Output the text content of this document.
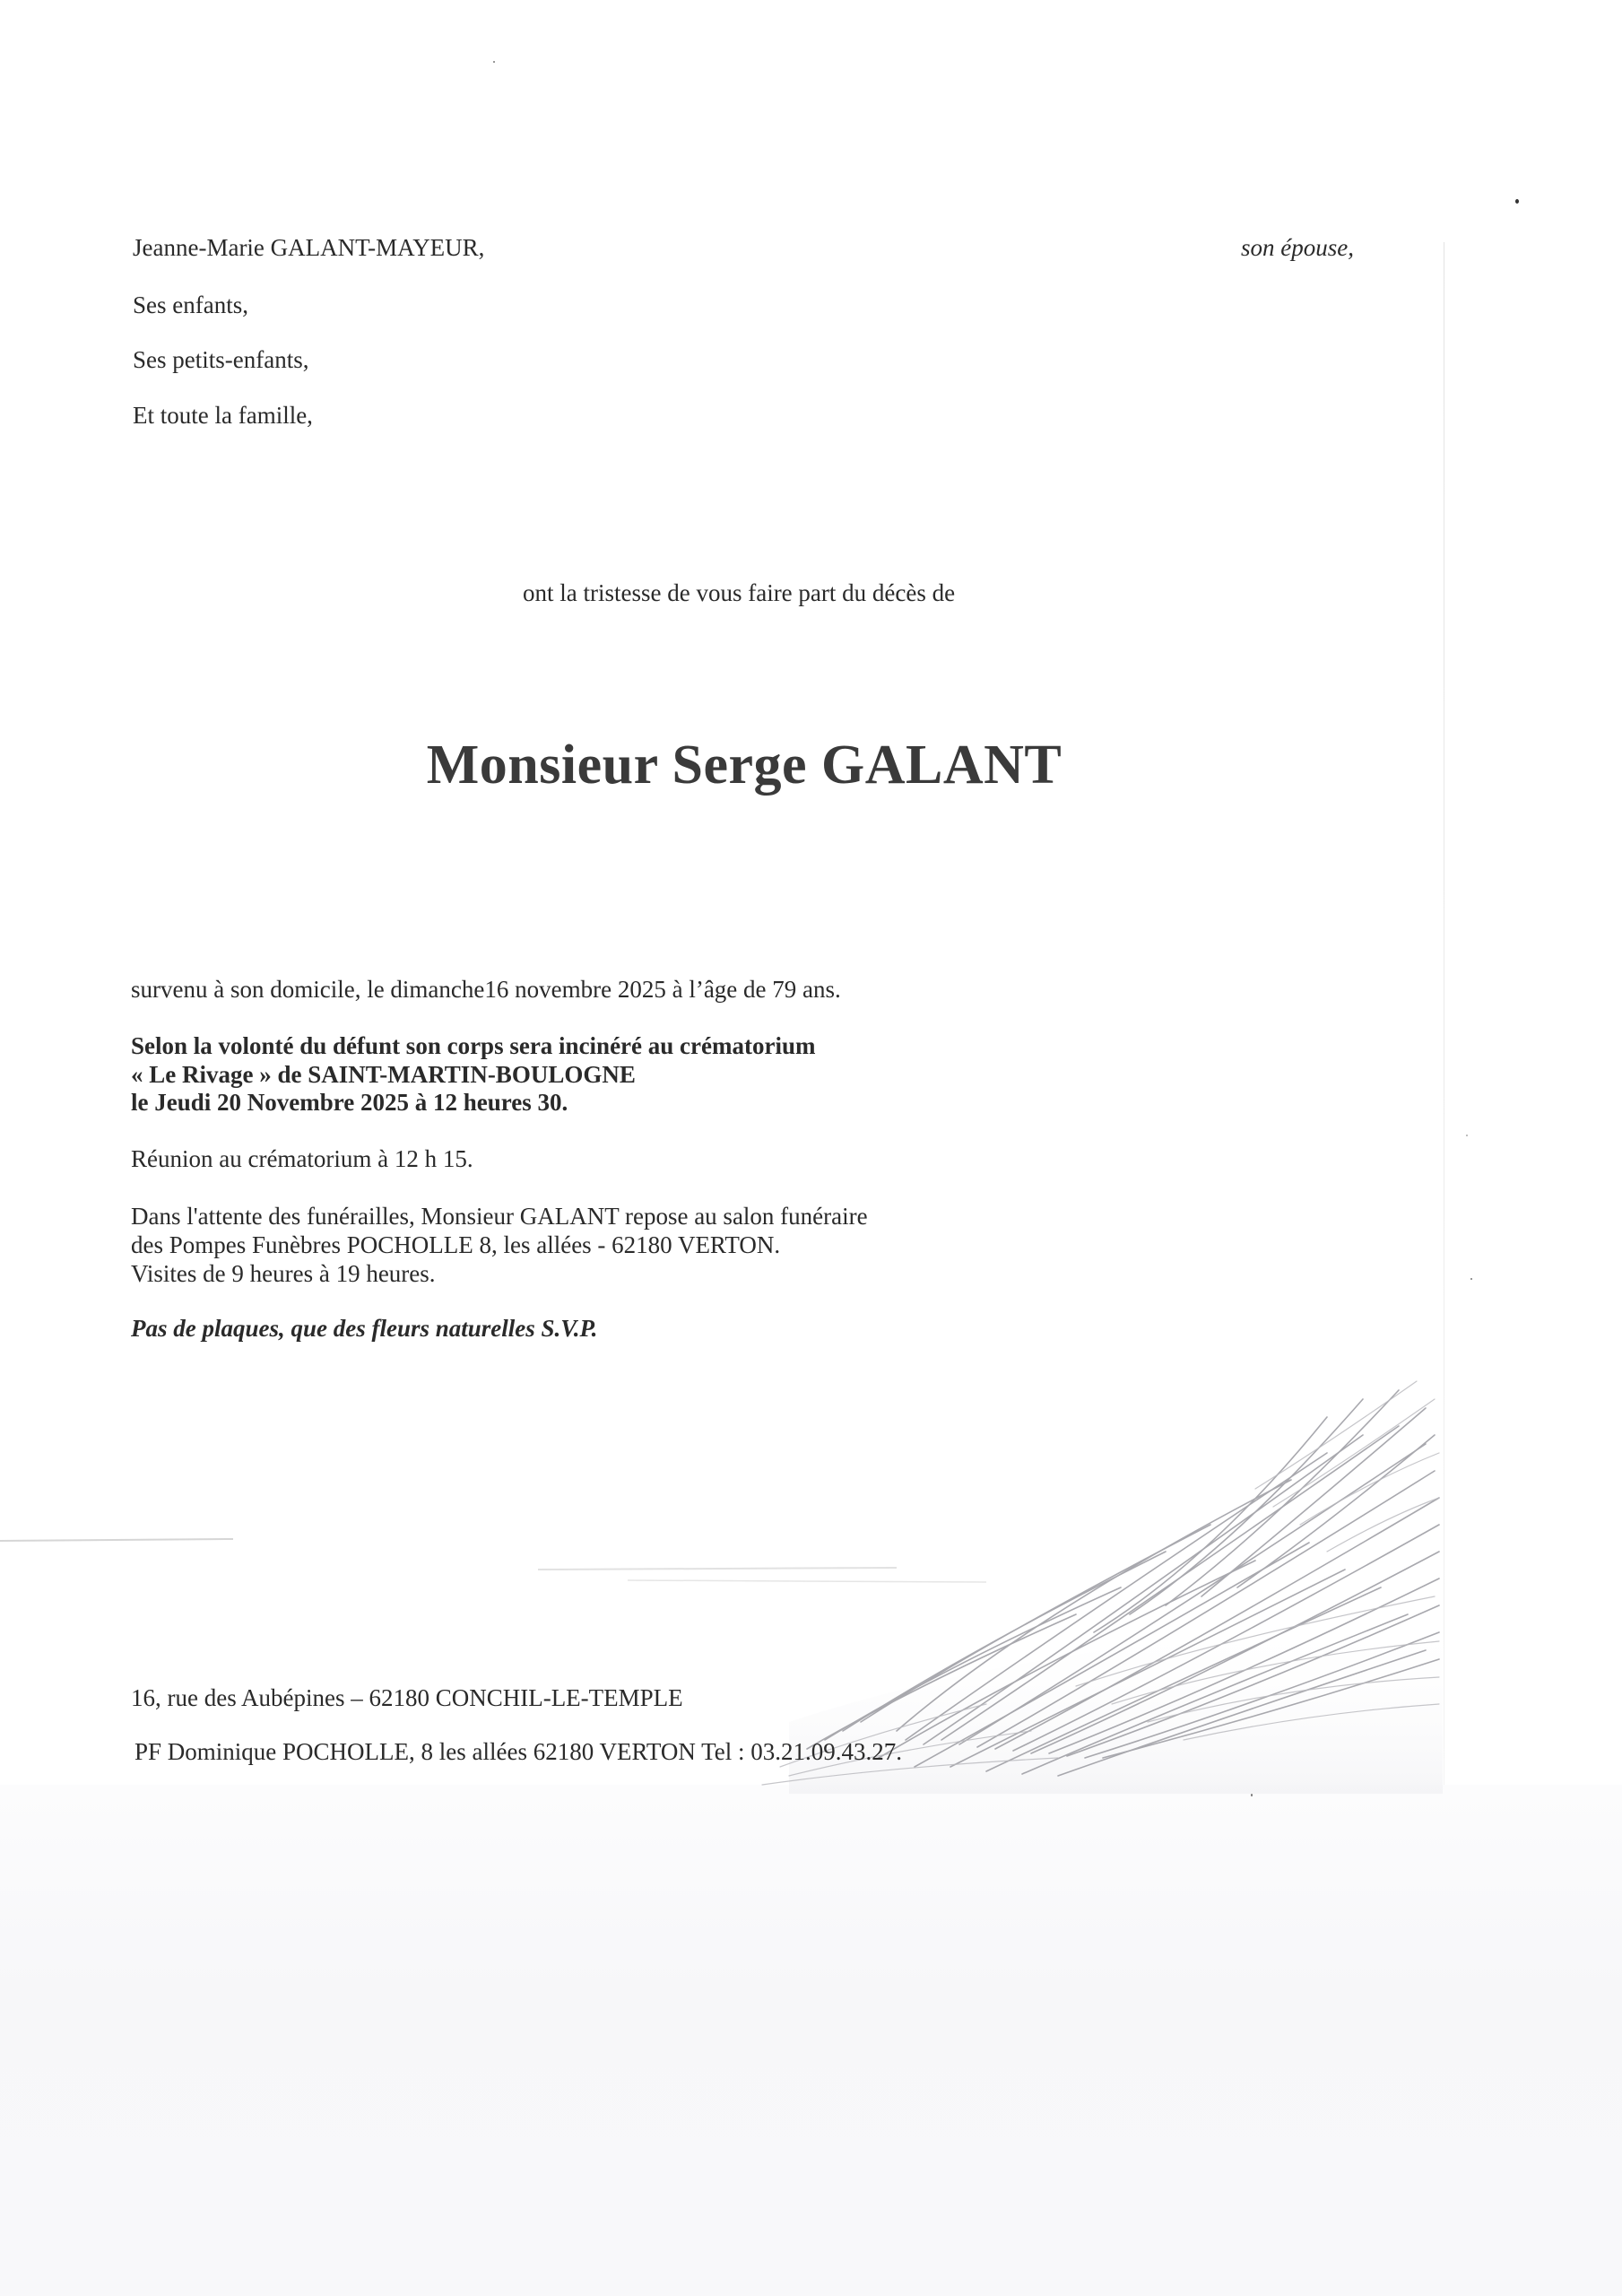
Jeanne-Marie GALANT-MAYEUR,	son épouse,
Ses enfants,
Ses petits-enfants,
Et toute la famille,
ont la tristesse de vous faire part du décès de
Monsieur Serge GALANT
survenu à son domicile, le dimanche16 novembre 2025 à l’âge de 79 ans.
Selon la volonté du défunt son corps sera incinéré au crématorium
« Le Rivage » de SAINT-MARTIN-BOULOGNE
le Jeudi 20 Novembre 2025 à 12 heures 30.
Réunion au crématorium à 12 h 15.
Dans l'attente des funérailles, Monsieur GALANT repose au salon funéraire
des Pompes Funèbres POCHOLLE 8, les allées - 62180 VERTON.
Visites de 9 heures à 19 heures.
Pas de plaques, que des fleurs naturelles S.V.P.
16, rue des Aubépines – 62180 CONCHIL-LE-TEMPLE
PF Dominique POCHOLLE, 8 les allées 62180 VERTON Tel : 03.21.09.43.27.
